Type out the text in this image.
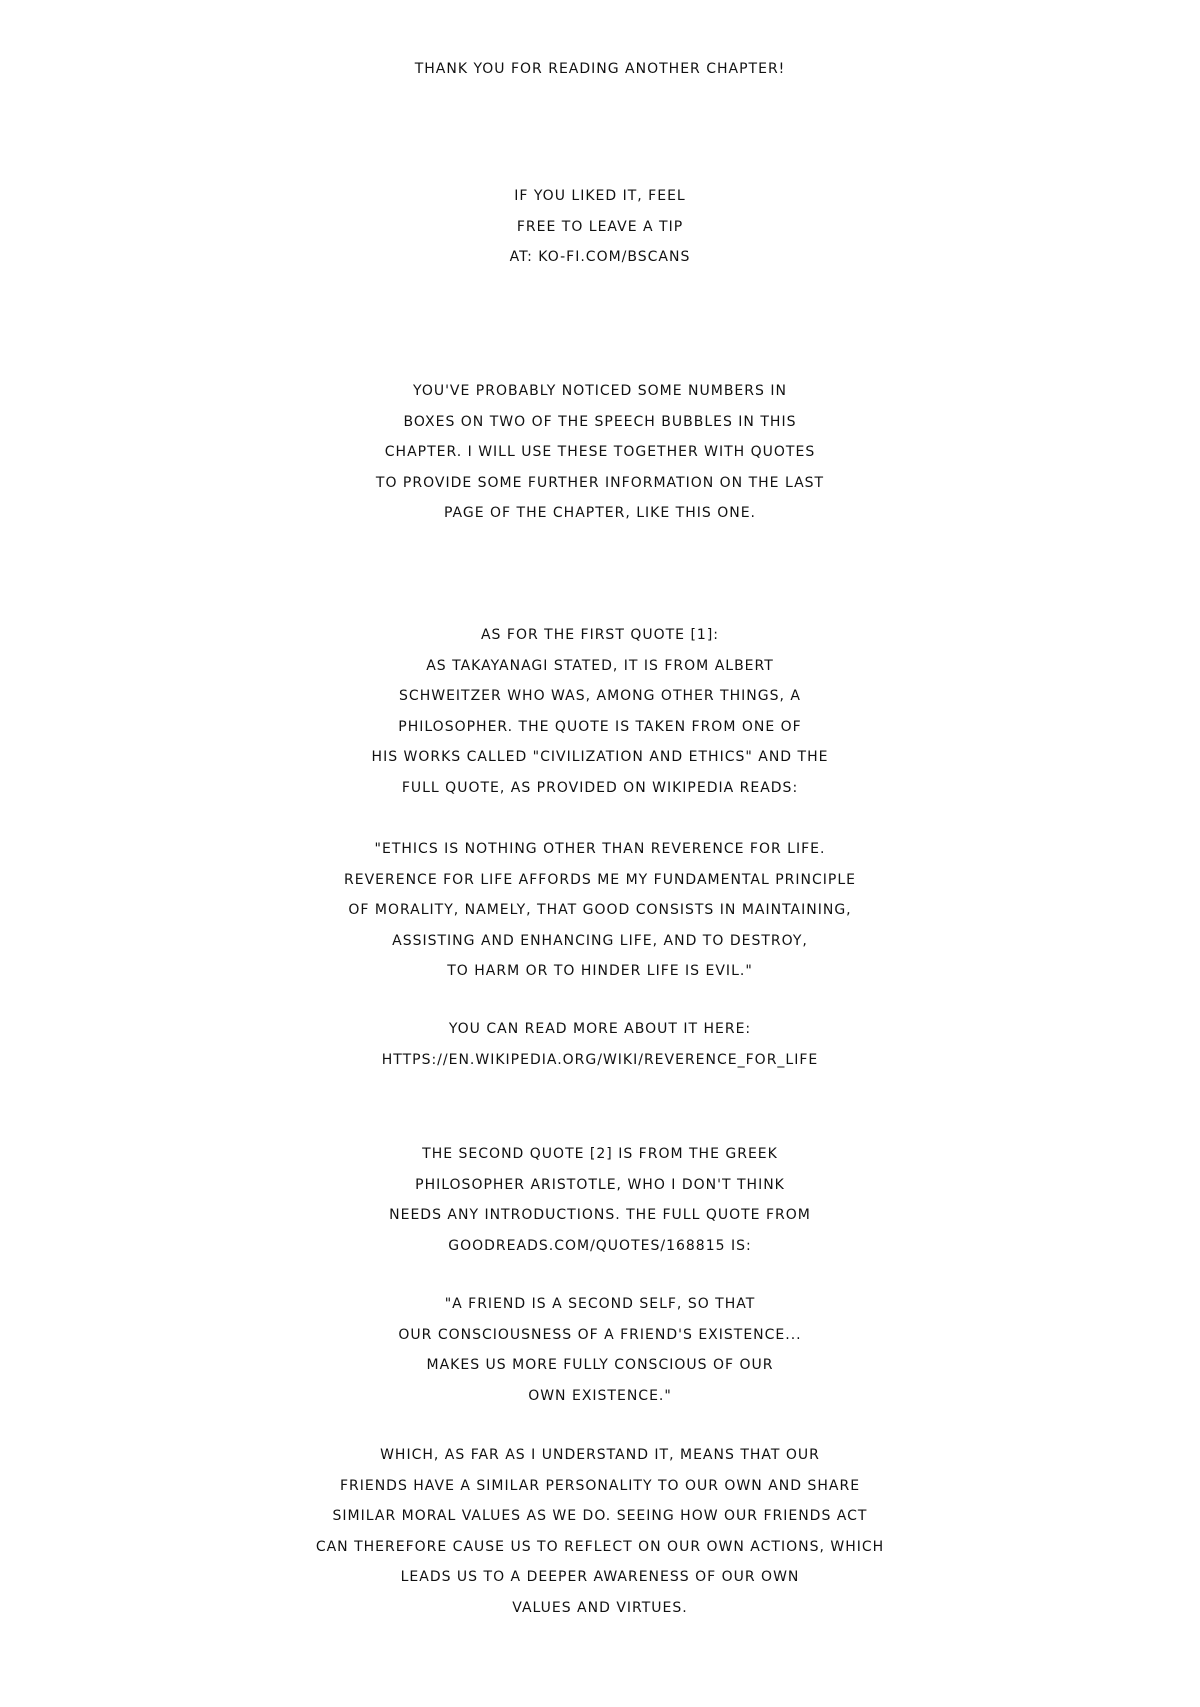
THANK YOU FOR READING ANOTHER CHAPTER!
IF YOU LIKED IT, FEEL
FREE TO LEAVE A TIP
AT: KO-FI.COM/BSCANS
YOU'VE PROBABLY NOTICED SOME NUMBERS IN
BOXES ON TWO OF THE SPEECH BUBBLES IN THIS
CHAPTER. I WILL USE THESE TOGETHER WITH QUOTES
TO PROVIDE SOME FURTHER INFORMATION ON THE LAST
PAGE OF THE CHAPTER, LIKE THIS ONE.
AS FOR THE FIRST QUOTE [1]:
AS TAKAYANAGI STATED, IT IS FROM ALBERT
SCHWEITZER WHO WAS, AMONG OTHER THINGS, A
PHILOSOPHER. THE QUOTE IS TAKEN FROM ONE OF
HIS WORKS CALLED "CIVILIZATION AND ETHICS" AND THE
FULL QUOTE, AS PROVIDED ON WIKIPEDIA READS:
"ETHICS IS NOTHING OTHER THAN REVERENCE FOR LIFE.
REVERENCE FOR LIFE AFFORDS ME MY FUNDAMENTAL PRINCIPLE
OF MORALITY, NAMELY, THAT GOOD CONSISTS IN MAINTAINING,
ASSISTING AND ENHANCING LIFE, AND TO DESTROY,
TO HARM OR TO HINDER LIFE IS EVIL."
YOU CAN READ MORE ABOUT IT HERE:
HTTPS://EN.WIKIPEDIA.ORG/WIKI/REVERENCE_FOR_LIFE
THE SECOND QUOTE [2] IS FROM THE GREEK
PHILOSOPHER ARISTOTLE, WHO I DON'T THINK
NEEDS ANY INTRODUCTIONS. THE FULL QUOTE FROM
GOODREADS.COM/QUOTES/168815 IS:
"A FRIEND IS A SECOND SELF, SO THAT
OUR CONSCIOUSNESS OF A FRIEND'S EXISTENCE...
MAKES US MORE FULLY CONSCIOUS OF OUR
OWN EXISTENCE."
WHICH, AS FAR AS I UNDERSTAND IT, MEANS THAT OUR
FRIENDS HAVE A SIMILAR PERSONALITY TO OUR OWN AND SHARE
SIMILAR MORAL VALUES AS WE DO. SEEING HOW OUR FRIENDS ACT
CAN THEREFORE CAUSE US TO REFLECT ON OUR OWN ACTIONS, WHICH
LEADS US TO A DEEPER AWARENESS OF OUR OWN
VALUES AND VIRTUES.
